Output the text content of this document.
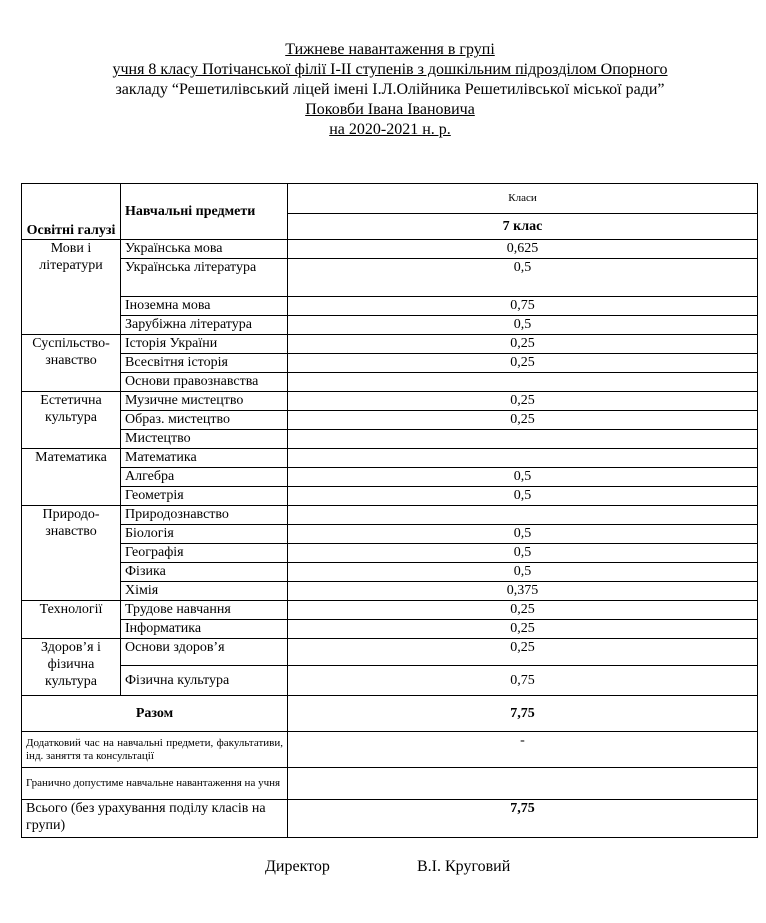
Тижневе навантаження в групі
учня 8 класу Потічанської філії І-ІІ ступенів з дошкільним підрозділом Опорного
закладу “Решетилівський ліцей імені І.Л.Олійника Решетилівської міської ради”
Поковби Івана Івановича
на 2020-2021 н. р.
Освітні галузі	Навчальні предмети	Класи
		7 клас
Мови і літератури	Українська мова	0,625
	Українська література	0,5
	Іноземна мова	0,75
	Зарубіжна література	0,5
Суспільство-знавство	Історія України	0,25
	Всесвітня історія	0,25
	Основи правознавства	
Естетична культура	Музичне мистецтво	0,25
	Образ. мистецтво	0,25
	Мистецтво	
Математика	Математика	
	Алгебра	0,5
	Геометрія	0,5
Природо-знавство	Природознавство	
	Біологія	0,5
	Географія	0,5
	Фізика	0,5
	Хімія	0,375
Технології	Трудове навчання	0,25
	Інформатика	0,25
Здоров’я і фізична культура	Основи здоров’я	0,25
	Фізична культура	0,75
Разом		7,75
Додатковий час на навчальні предмети, факультативи, інд. заняття та консультації		-
Гранично допустиме навчальне навантаження на учня		
Всього (без урахування поділу класів на групи)		7,75
Директор	В.І. Круговий
